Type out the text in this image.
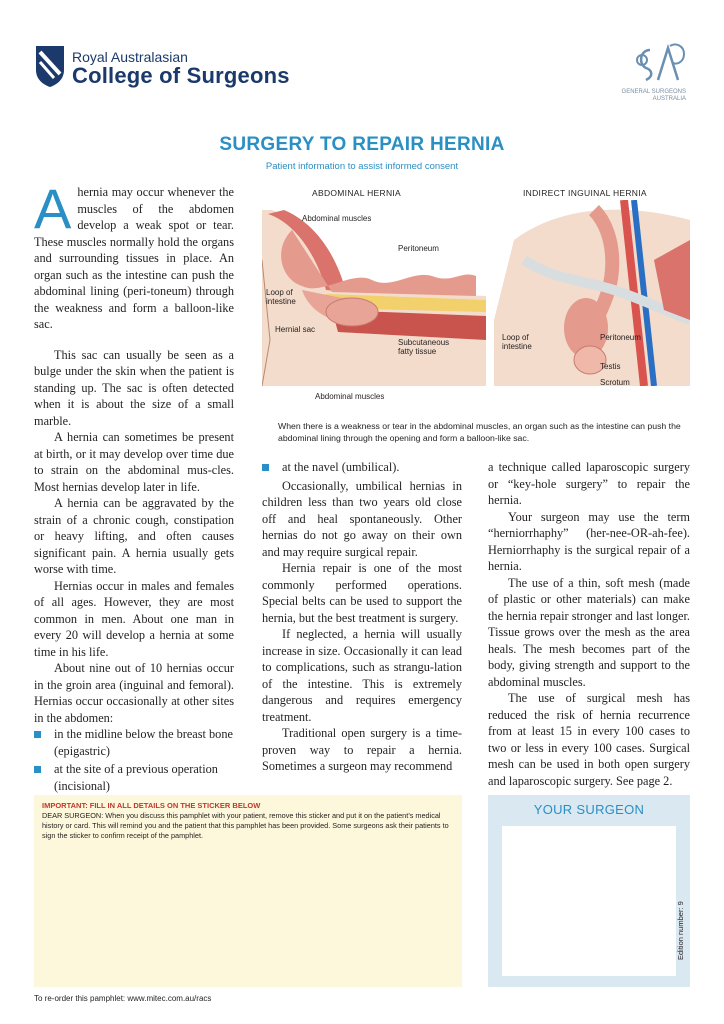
Royal Australasian
College of Surgeons
GENERAL SURGEONS
AUSTRALIA
SURGERY TO REPAIR HERNIA
Patient information to assist informed consent

Ahernia may occur whenever the muscles of the abdomen develop a weak spot or tear. These muscles normally hold the organs and surrounding tissues in place. An organ such as the intestine can push the abdominal lining (peri-toneum) through the weakness and form a balloon-like sac.

This sac can usually be seen as a bulge under the skin when the patient is standing up. The sac is often detected when it is about the size of a small marble.

A hernia can sometimes be present at birth, or it may develop over time due to strain on the abdominal mus-cles. Most hernias develop later in life.

A hernia can be aggravated by the strain of a chronic cough, constipation or heavy lifting, and often causes significant pain. A hernia usually gets worse with time.

Hernias occur in males and females of all ages. However, they are most common in men. About one man in every 20 will develop a hernia at some time in his life.

About nine out of 10 hernias occur in the groin area (inguinal and femoral). Hernias occur occasionally at other sites in the abdomen:

in the midline below the breast bone (epigastric)
at the site of a previous operation (incisional)
ABDOMINAL HERNIA	INDIRECT INGUINAL HERNIA
Abdominal muscles
Peritoneum
Loop of
intestine
Hernial sac
Subcutaneous
fatty tissue
Abdominal muscles
Loop of
intestine
Peritoneum
Testis
Scrotum
When there is a weakness or tear in the abdominal muscles, an organ such as the intestine can push the abdominal lining through the opening and form a balloon-like sac.
at the navel (umbilical).

Occasionally, umbilical hernias in children less than two years old close off and heal spontaneously. Other hernias do not go away on their own and may require surgical repair.

Hernia repair is one of the most commonly performed operations. Special belts can be used to support the hernia, but the best treatment is surgery.

If neglected, a hernia will usually increase in size. Occasionally it can lead to complications, such as strangu-lation of the intestine. This is extremely dangerous and requires emergency treatment.

Traditional open surgery is a time-proven way to repair a hernia. Sometimes a surgeon may recommend

a technique called laparoscopic surgery or “key-hole surgery” to repair the hernia.

Your surgeon may use the term “herniorrhaphy” (her-nee-OR-ah-fee). Herniorrhaphy is the surgical repair of a hernia.

The use of a thin, soft mesh (made of plastic or other materials) can make the hernia repair stronger and last longer. Tissue grows over the mesh as the area heals. The mesh becomes part of the body, giving strength and support to the abdominal muscles.

The use of surgical mesh has reduced the risk of hernia recurrence from at least 15 in every 100 cases to two or less in every 100 cases. Surgical mesh can be used in both open surgery and laparoscopic surgery. See page 2.

IMPORTANT: FILL IN ALL DETAILS ON THE STICKER BELOW
DEAR SURGEON: When you discuss this pamphlet with your patient, remove this sticker and put it on the patient’s medical history or card. This will remind you and the patient that this pamphlet has been provided. Some surgeons ask their patients to sign the sticker to confirm receipt of the pamphlet.
YOUR SURGEON
Edition number: 9
To re-order this pamphlet: www.mitec.com.au/racs
